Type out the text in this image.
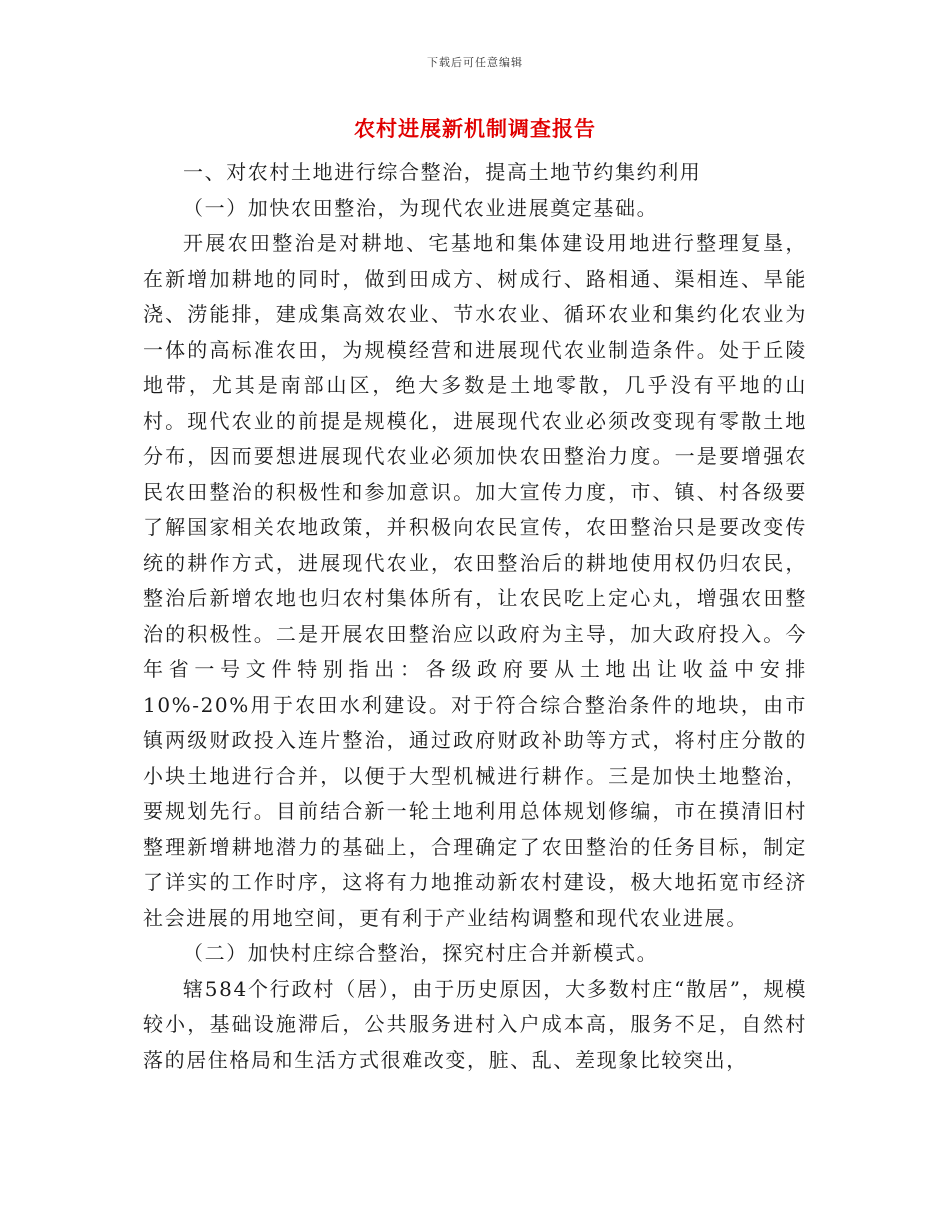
下载后可任意编辑
农村进展新机制调查报告

一、对农村土地进行综合整治，提高土地节约集约利用

（一）加快农田整治，为现代农业进展奠定基础。

开展农田整治是对耕地、宅基地和集体建设用地进行整理复垦，在新增加耕地的同时，做到田成方、树成行、路相通、渠相连、旱能浇、涝能排，建成集高效农业、节水农业、循环农业和集约化农业为一体的高标准农田，为规模经营和进展现代农业制造条件。处于丘陵地带，尤其是南部山区，绝大多数是土地零散，几乎没有平地的山村。现代农业的前提是规模化，进展现代农业必须改变现有零散土地分布，因而要想进展现代农业必须加快农田整治力度。一是要增强农民农田整治的积极性和参加意识。加大宣传力度，市、镇、村各级要了解国家相关农地政策，并积极向农民宣传，农田整治只是要改变传统的耕作方式，进展现代农业，农田整治后的耕地使用权仍归农民，整治后新增农地也归农村集体所有，让农民吃上定心丸，增强农田整治的积极性。二是开展农田整治应以政府为主导，加大政府投入。今年省一号文件特别指出：各级政府要从土地出让收益中安排10%-20%用于农田水利建设。对于符合综合整治条件的地块，由市镇两级财政投入连片整治，通过政府财政补助等方式，将村庄分散的小块土地进行合并，以便于大型机械进行耕作。三是加快土地整治，要规划先行。目前结合新一轮土地利用总体规划修编，市在摸清旧村整理新增耕地潜力的基础上，合理确定了农田整治的任务目标，制定了详实的工作时序，这将有力地推动新农村建设，极大地拓宽市经济社会进展的用地空间，更有利于产业结构调整和现代农业进展。

（二）加快村庄综合整治，探究村庄合并新模式。

辖584个行政村（居），由于历史原因，大多数村庄“散居”，规模较小，基础设施滞后，公共服务进村入户成本高，服务不足，自然村落的居住格局和生活方式很难改变，脏、乱、差现象比较突出，
